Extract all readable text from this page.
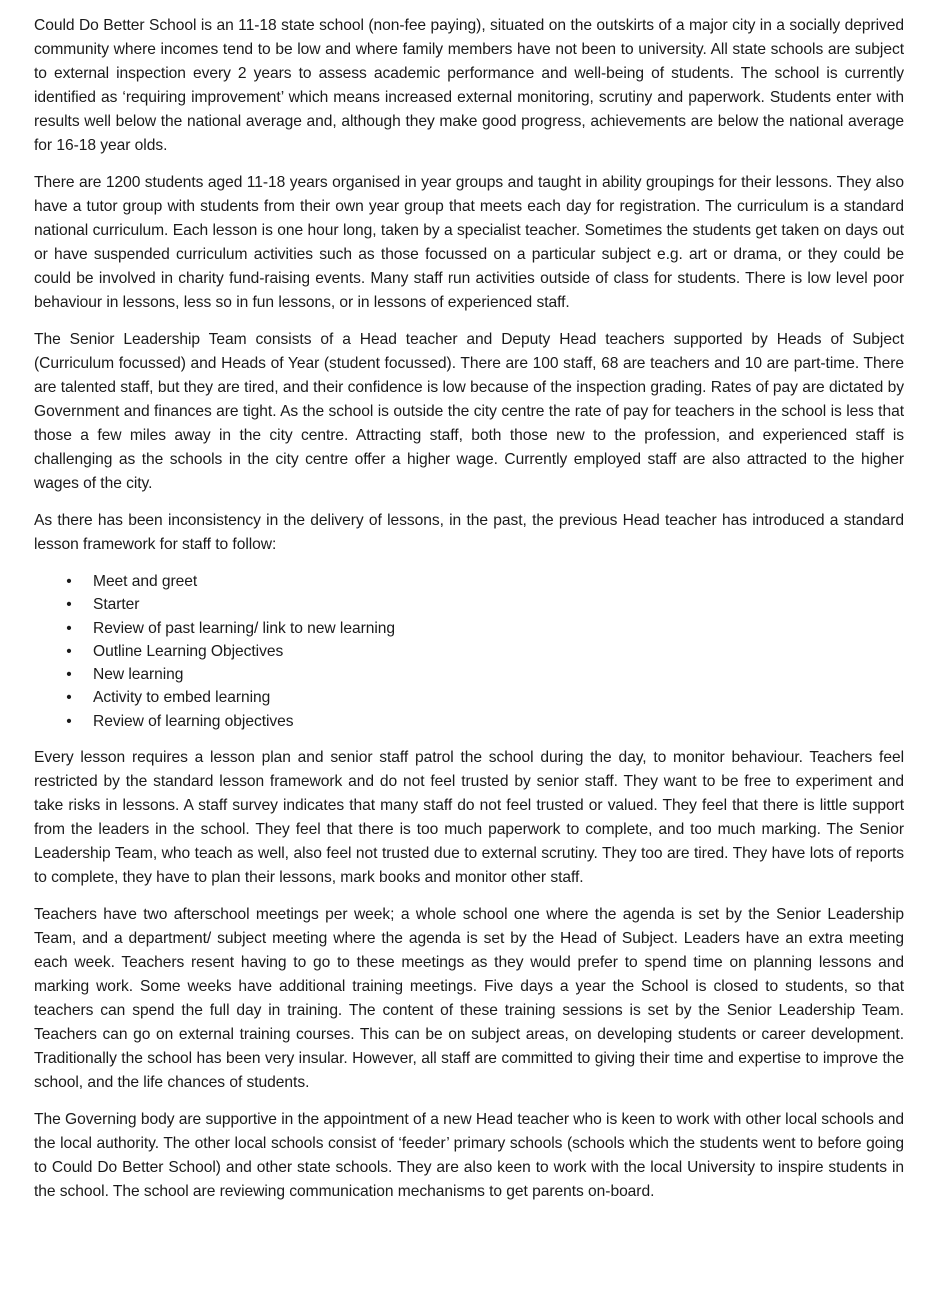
Could Do Better School is an 11-18 state school (non-fee paying), situated on the outskirts of a major city in a socially deprived community where incomes tend to be low and where family members have not been to university. All state schools are subject to external inspection every 2 years to assess academic performance and well-being of students. The school is currently identified as ‘requiring improvement’ which means increased external monitoring, scrutiny and paperwork. Students enter with results well below the national average and, although they make good progress, achievements are below the national average for 16-18 year olds.

There are 1200 students aged 11-18 years organised in year groups and taught in ability groupings for their lessons. They also have a tutor group with students from their own year group that meets each day for registration. The curriculum is a standard national curriculum. Each lesson is one hour long, taken by a specialist teacher. Sometimes the students get taken on days out or have suspended curriculum activities such as those focussed on a particular subject e.g. art or drama, or they could be could be involved in charity fund-raising events. Many staff run activities outside of class for students. There is low level poor behaviour in lessons, less so in fun lessons, or in lessons of experienced staff.

The Senior Leadership Team consists of a Head teacher and Deputy Head teachers supported by Heads of Subject (Curriculum focussed) and Heads of Year (student focussed). There are 100 staff, 68 are teachers and 10 are part-time. There are talented staff, but they are tired, and their confidence is low because of the inspection grading. Rates of pay are dictated by Government and finances are tight. As the school is outside the city centre the rate of pay for teachers in the school is less that those a few miles away in the city centre. Attracting staff, both those new to the profession, and experienced staff is challenging as the schools in the city centre offer a higher wage. Currently employed staff are also attracted to the higher wages of the city.

As there has been inconsistency in the delivery of lessons, in the past, the previous Head teacher has introduced a standard lesson framework for staff to follow:

• Meet and greet
• Starter
• Review of past learning/ link to new learning
• Outline Learning Objectives
• New learning
• Activity to embed learning
• Review of learning objectives

Every lesson requires a lesson plan and senior staff patrol the school during the day, to monitor behaviour. Teachers feel restricted by the standard lesson framework and do not feel trusted by senior staff. They want to be free to experiment and take risks in lessons. A staff survey indicates that many staff do not feel trusted or valued. They feel that there is little support from the leaders in the school. They feel that there is too much paperwork to complete, and too much marking. The Senior Leadership Team, who teach as well, also feel not trusted due to external scrutiny. They too are tired. They have lots of reports to complete, they have to plan their lessons, mark books and monitor other staff.

Teachers have two afterschool meetings per week; a whole school one where the agenda is set by the Senior Leadership Team, and a department/ subject meeting where the agenda is set by the Head of Subject. Leaders have an extra meeting each week. Teachers resent having to go to these meetings as they would prefer to spend time on planning lessons and marking work. Some weeks have additional training meetings. Five days a year the School is closed to students, so that teachers can spend the full day in training. The content of these training sessions is set by the Senior Leadership Team. Teachers can go on external training courses. This can be on subject areas, on developing students or career development. Traditionally the school has been very insular. However, all staff are committed to giving their time and expertise to improve the school, and the life chances of students.

The Governing body are supportive in the appointment of a new Head teacher who is keen to work with other local schools and the local authority. The other local schools consist of ‘feeder’ primary schools (schools which the students went to before going to Could Do Better School) and other state schools. They are also keen to work with the local University to inspire students in the school. The school are reviewing communication mechanisms to get parents on-board.
